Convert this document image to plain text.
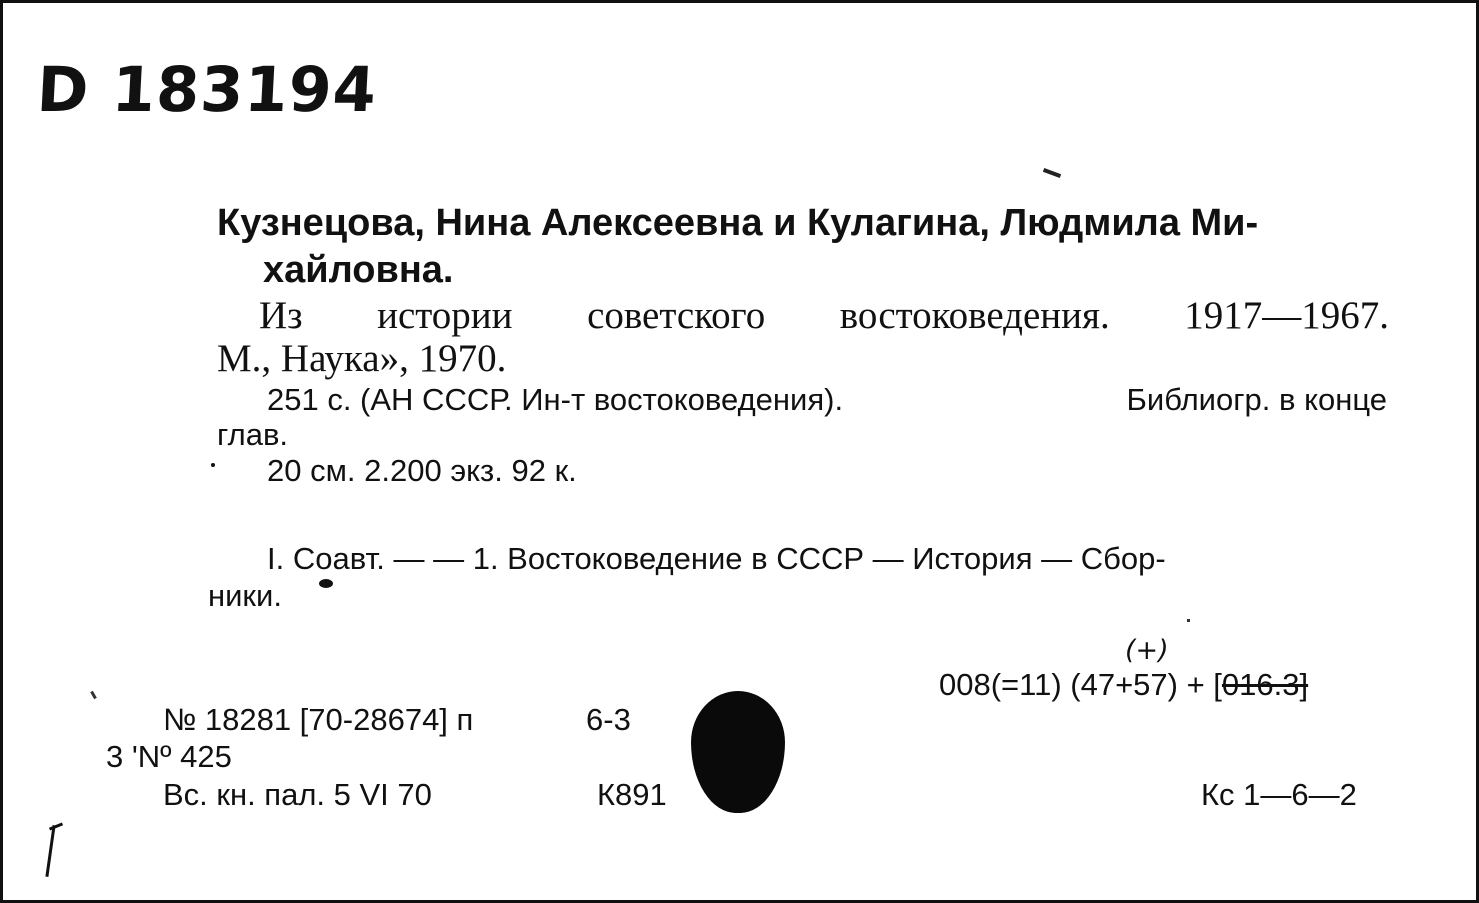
D 183194
Кузнецова, Нина Алексеевна и Кулагина, Людмила Ми-
хайловна.
Из истории советского востоковедения. 1917—1967.
М., Наука», 1970.
251 с. (АН СССР. Ин-т востоковедения).	Библиогр. в конце
глав.
20 см. 2.200 экз. 92 к.
I. Соавт. — — 1. Востоковедение в СССР — История — Сбор-
ники.
№ 18281 [70-28674] п
3 'Nº 425
Вс. кн. пал. 5 VI 70
6-3
К891
(+)
008(=11) (47+57) + [016.3]
Кс 1—6—2
